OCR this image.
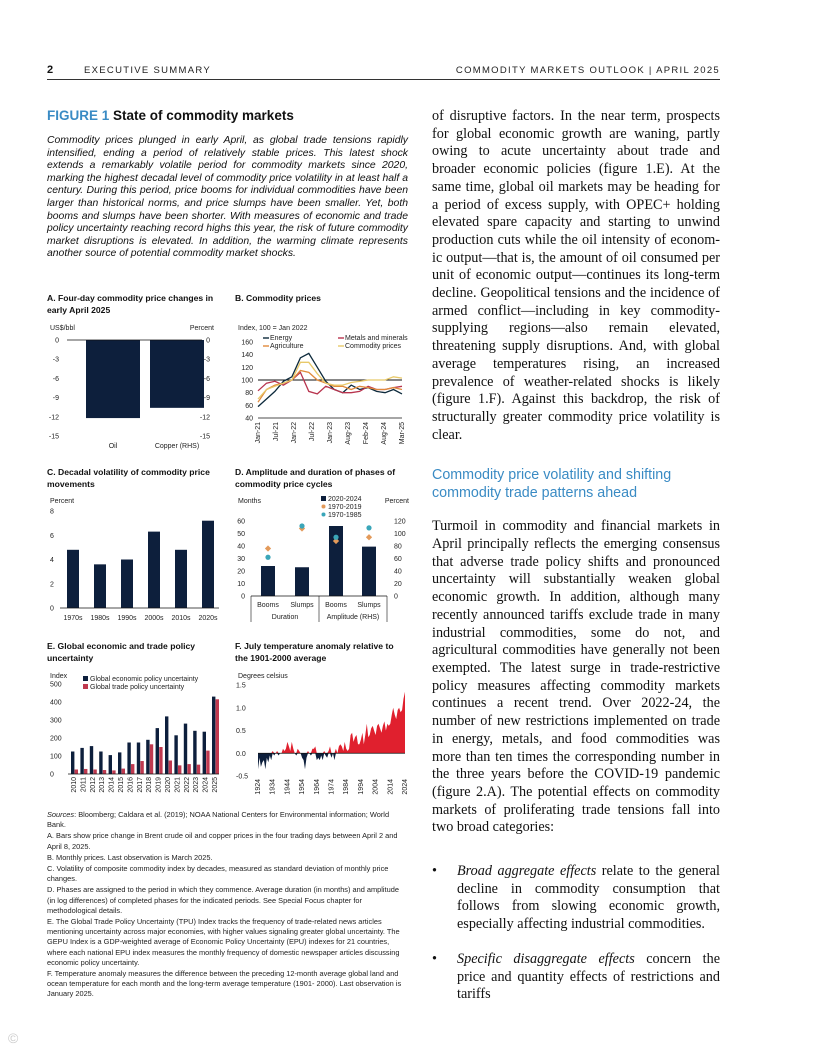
2	EXECUTIVE SUMMARY	COMMODITY MARKETS OUTLOOK | APRIL 2025
FIGURE 1 State of commodity markets
Commodity prices plunged in early April, as global trade tensions rapidly intensified, ending a period of relatively stable prices. This latest shock extends a remarkably volatile period for commodity markets since 2020, marking the highest decadal level of commodity price volatility in at least half a century. During this period, price booms for individual commodities have been larger than historical norms, and price slumps have been smaller. Yet, both booms and slumps have been shorter. With measures of economic and trade policy uncertainty reaching record highs this year, the risk of future commodity market disruptions is elevated. In addition, the warming climate represents another source of potential commodity market shocks.
A. Four-day commodity price changes in early April 2025
B. Commodity prices
C. Decadal volatility of commodity price movements
D. Amplitude and duration of phases of commodity price cycles
E. Global economic and trade policy uncertainty
F. July temperature anomaly relative to the 1901-2000 average
US$/bbl	Percent
0	0
-3	-3
-6	-6
-9	-9
-12	-12
-15	-15
Oil	Copper (RHS)
Index, 100 = Jan 2022
160
140
120
100
80
60
40
Energy	Metals and minerals
Agriculture	Commodity prices
Jan-21 Jul-21 Jan-22 Jul-22 Jan-23 Aug-23 Feb-24 Aug-24 Mar-25
Percent
8
6
4
2
0
1970s 1980s 1990s 2000s 2010s 2020s
Months	Percent
60
50
40
30
20
10
0
120
100
80
60
40
20
0
2020-2024
1970-2019
1970-1985
Booms Slumps Booms Slumps
Duration	Amplitude (RHS)
Index
500
400
300
200
100
0
Global economic policy uncertainty
Global trade policy uncertainty
2010 2011 2012 2013 2014 2015 2016 2017 2018 2019 2020 2021 2022 2023 2024 2025
Degrees celsius
1.5
1.0
0.5
0.0
-0.5
1924 1934 1944 1954 1964 1974 1984 1994 2004 2014 2024

Sources: Bloomberg; Caldara et al. (2019); NOAA National Centers for Environmental information; World Bank.

A. Bars show price change in Brent crude oil and copper prices in the four trading days between April 2 and April 8, 2025.

B. Monthly prices. Last observation is March 2025.

C. Volatility of composite commodity index by decades, measured as standard deviation of monthly price changes.

D. Phases are assigned to the period in which they commence. Average duration (in months) and amplitude (in log differences) of completed phases for the indicated periods. See Special Focus chapter for methodological details.

E. The Global Trade Policy Uncertainty (TPU) Index tracks the frequency of trade-related news articles mentioning uncertainty across major economies, with higher values signaling greater global uncertainty. The GEPU Index is a GDP-weighted average of Economic Policy Uncertainty (EPU) indexes for 21 countries, where each national EPU index measures the monthly frequency of domestic newspaper articles discussing economic policy uncertainty.

F. Temperature anomaly measures the difference between the preceding 12-month average global land and ocean temperature for each month and the long-term average temperature (1901- 2000). Last observation is January 2025.

of disruptive factors. In the near term, prospects for global economic growth are waning, partly owing to acute uncertainty about trade and broader economic policies (figure 1.E). At the same time, global oil markets may be heading for a period of excess supply, with OPEC+ holding elevated spare capacity and starting to unwind production cuts while the oil intensity of economic output—that is, the amount of oil consumed per unit of economic output—continues its long-term decline. Geopolitical tensions and the incidence of armed conflict—including in key commodity-supplying regions—also remain elevated, threatening supply disruptions. And, with global average temperatures rising, an increased prevalence of weather-related shocks is likely (figure 1.F). Against this backdrop, the risk of structurally greater commodity price volatility is clear.

Commodity price volatility and shifting commodity trade patterns ahead

Turmoil in commodity and financial markets in April principally reflects the emerging consensus that adverse trade policy shifts and pronounced uncertainty will substantially weaken global economic growth. In addition, although many recently announced tariffs exclude trade in many industrial commodities, some do not, and agricultural commodities have generally not been exempted. The latest surge in trade-restrictive policy measures affecting commodity markets continues a recent trend. Over 2022-24, the number of new restrictions implemented on trade in energy, metals, and food commodities was more than ten times the corresponding number in the three years before the COVID-19 pandemic (figure 2.A). The potential effects on commodity markets of proliferating trade tensions fall into two broad categories:

•	Broad aggregate effects relate to the general decline in commodity consumption that follows from slowing economic growth, especially affecting industrial commodities.
•	Specific disaggregate effects concern the price and quantity effects of restrictions and tariffs
©
